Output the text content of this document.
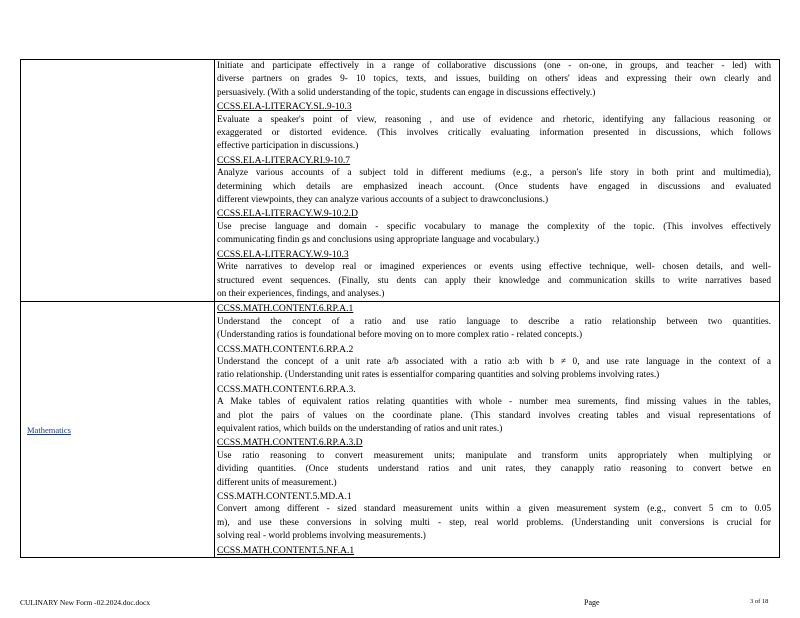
Initiate and participate effectively in a range of collaborative discussions (one - on-one, in groups, and teacher - led) with
diverse partners on grades 9- 10 topics, texts, and issues, building on others' ideas and expressing their own clearly and
persuasively. (With a solid understanding of the topic, students can engage in discussions effectively.)
CCSS.ELA-LITERACY.SL.9-10.3
Evaluate a speaker's point of view, reasoning , and use of evidence and rhetoric, identifying any fallacious reasoning or
exaggerated or distorted evidence. (This involves critically evaluating information presented in discussions, which follows
effective participation in discussions.)
CCSS.ELA-LITERACY.RI.9-10.7
Analyze various accounts of a subject told in different mediums (e.g., a person's life story in both print and multimedia),
determining which details are emphasized ineach account. (Once students have engaged in discussions and evaluated
different viewpoints, they can analyze various accounts of a subject to drawconclusions.)
CCSS.ELA-LITERACY.W.9-10.2.D
Use precise language and domain - specific vocabulary to manage the complexity of the topic. (This involves effectively
communicating findin gs and conclusions using appropriate language and vocabulary.)
CCSS.ELA-LITERACY.W.9-10.3
Write narratives to develop real or imagined experiences or events using effective technique, well- chosen details, and well-
structured event sequences. (Finally, stu dents can apply their knowledge and communication skills to write narratives based
on their experiences, findings, and analyses.)
Mathematics
CCSS.MATH.CONTENT.6.RP.A.1
Understand the concept of a ratio and use ratio language to describe a ratio relationship between two quantities.
(Understanding ratios is foundational before moving on to more complex ratio - related concepts.)
CCSS.MATH.CONTENT.6.RP.A.2
Understand the concept of a unit rate a/b associated with a ratio a:b with b ≠ 0, and use rate language in the context of a
ratio relationship. (Understanding unit rates is essentialfor comparing quantities and solving problems involving rates.)
CCSS.MATH.CONTENT.6.RP.A.3.
A Make tables of equivalent ratios relating quantities with whole - number mea surements, find missing values in the tables,
and plot the pairs of values on the coordinate plane. (This standard involves creating tables and visual representations of
equivalent ratios, which builds on the understanding of ratios and unit rates.)
CCSS.MATH.CONTENT.6.RP.A.3.D
Use ratio reasoning to convert measurement units; manipulate and transform units appropriately when multiplying or
dividing quantities. (Once students understand ratios and unit rates, they canapply ratio reasoning to convert betwe en
different units of measurement.)
CSS.MATH.CONTENT.5.MD.A.1
Convert among different - sized standard measurement units within a given measurement system (e.g., convert 5 cm to 0.05
m), and use these conversions in solving multi - step, real world problems. (Understanding unit conversions is crucial for
solving real - world problems involving measurements.)
CCSS.MATH.CONTENT.5.NF.A.1
CULINARY New Form -02.2024.doc.docx	Page	3 of 18
